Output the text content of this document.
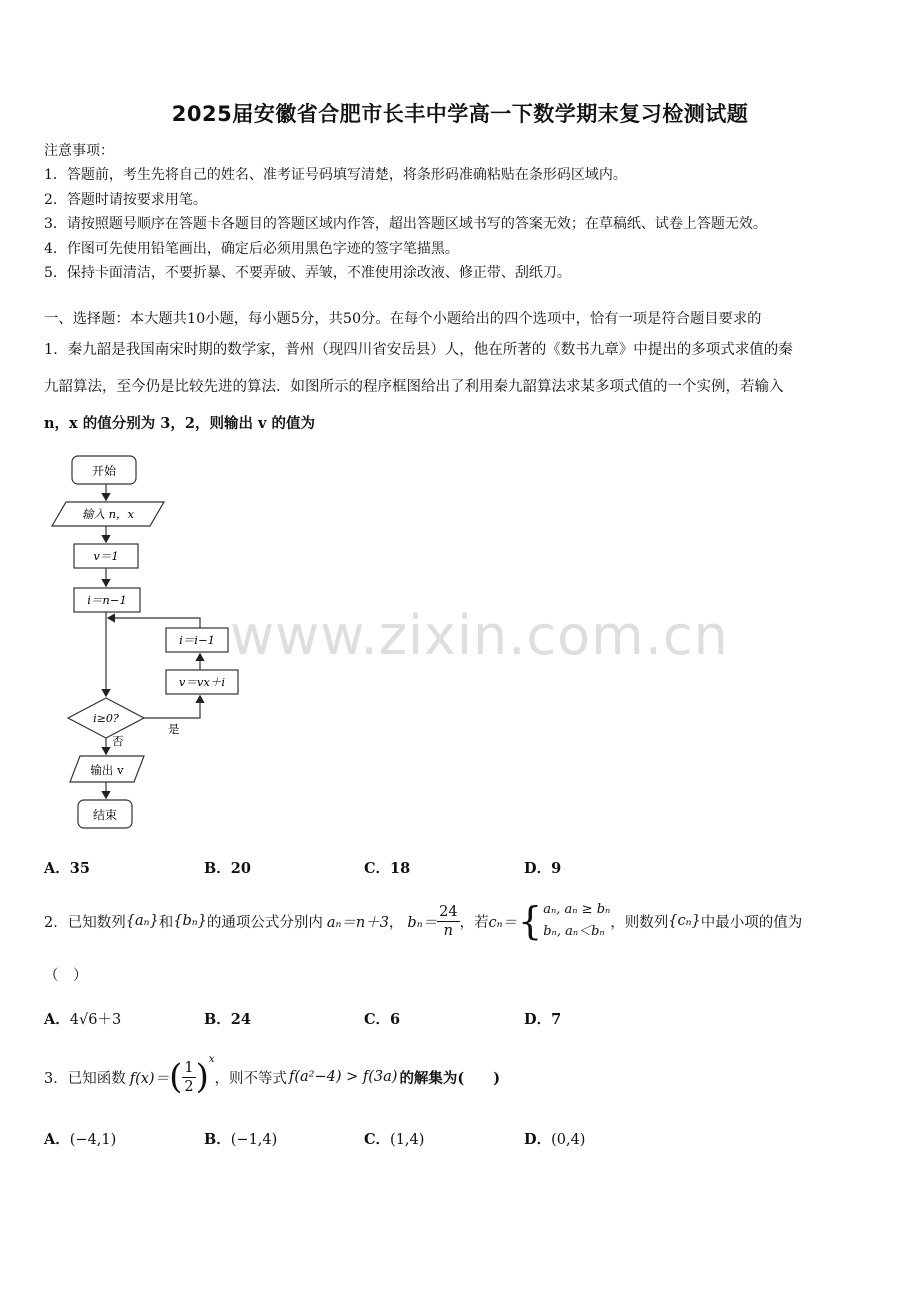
2025届安徽省合肥市长丰中学高一下数学期末复习检测试题
注意事项：
1．答题前，考生先将自己的姓名、准考证号码填写清楚，将条形码准确粘贴在条形码区域内。
2．答题时请按要求用笔。
3．请按照题号顺序在答题卡各题目的答题区域内作答，超出答题区域书写的答案无效；在草稿纸、试卷上答题无效。
4．作图可先使用铅笔画出，确定后必须用黑色字迹的签字笔描黑。
5．保持卡面清洁，不要折暴、不要弄破、弄皱，不准使用涂改液、修正带、刮纸刀。
一、选择题：本大题共10小题，每小题5分，共50分。在每个小题给出的四个选项中，恰有一项是符合题目要求的
1．秦九韶是我国南宋时期的数学家，普州（现四川省安岳县）人，他在所著的《数书九章》中提出的多项式求值的秦
九韶算法，至今仍是比较先进的算法．如图所示的程序框图给出了利用秦九韶算法求某多项式值的一个实例，若输入
n，x 的值分别为 3，2，则输出 v 的值为
www.zixin.com.cn
开始
输入 n，x
v＝1
i＝n−1
i＝i−1
v＝vx＋i
i≥0?
是
否
输出 v
结束
A．35	B．20	C．18	D．9
2．已知数列 {aₙ} 和 {bₙ} 的通项公式分别内 aₙ＝n＋3 ， $b_n= \frac{24}{n}$ ，若 cₙ＝ { aₙ, aₙ ≥ bₙ
bₙ, aₙ＜bₙ
，则数列 {cₙ} 中最小项的值为
（　）
A．4√6＋3	B．24	C．6	D．7
3．已知函数 f(x)＝ ( $\frac{1}{2}$ ) x
，则不等式 f(a²−4) > f(3a) 的解集为(　　)
A．(−4,1)	B．(−1,4)	C．(1,4)	D．(0,4)
